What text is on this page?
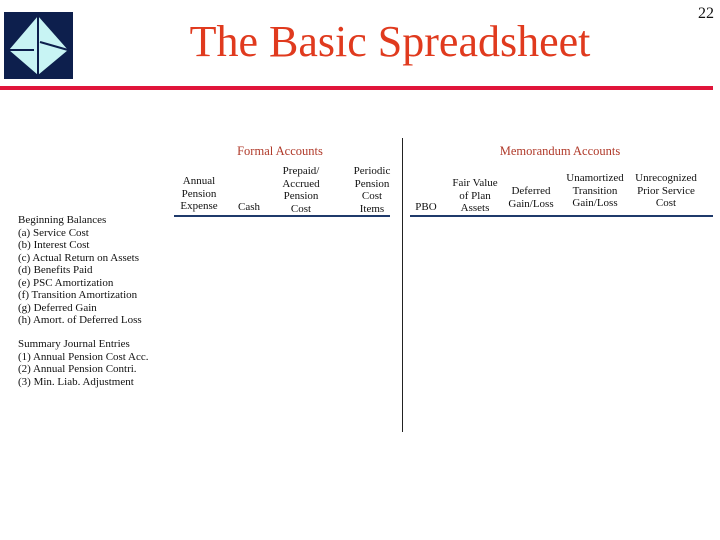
The Basic Spreadsheet
22
Formal Accounts	Memorandum Accounts
Annual
Pension
Expense Cash
Prepaid/
Accrued
Pension
Cost
Periodic
Pension
Cost
Items	PBO
Fair Value
of Plan
Assets
Deferred
Gain/Loss
Unamortized
Transition
Gain/Loss
Unrecognized
Prior Service
Cost
Beginning Balances
(a) Service Cost
(b) Interest Cost
(c) Actual Return on Assets
(d) Benefits Paid
(e) PSC Amortization
(f) Transition Amortization
(g) Deferred Gain
(h) Amort. of Deferred Loss
Summary Journal Entries
(1) Annual Pension Cost Acc.
(2) Annual Pension Contri.
(3) Min. Liab. Adjustment
